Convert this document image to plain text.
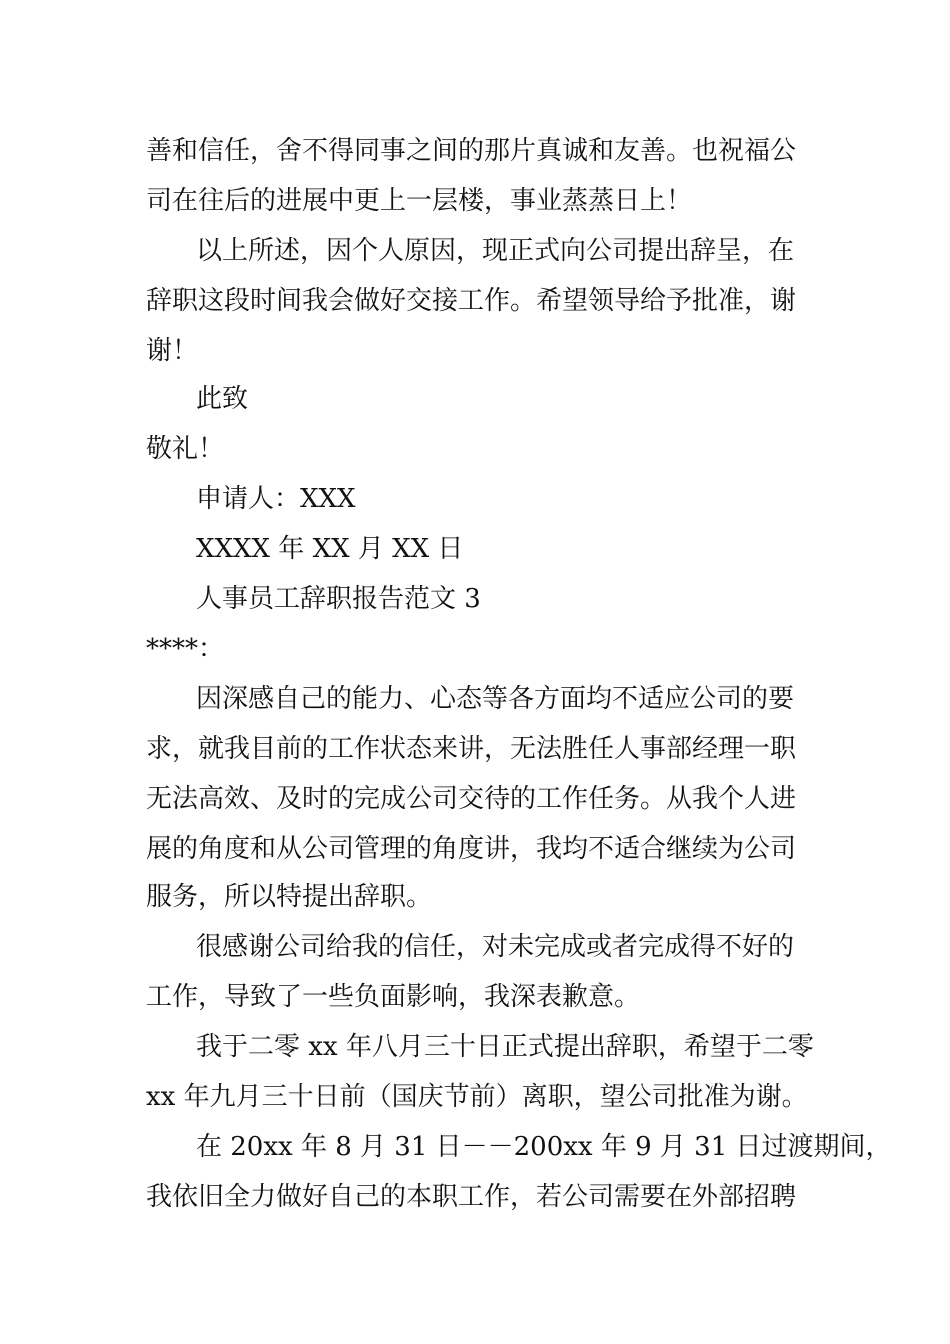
善和信任，舍不得同事之间的那片真诚和友善。也祝福公
司在往后的进展中更上一层楼，事业蒸蒸日上！
以上所述，因个人原因，现正式向公司提出辞呈，在
辞职这段时间我会做好交接工作。希望领导给予批准，谢
谢！
此致
敬礼！
申请人：XXX
XXXX 年 XX 月 XX 日
人事员工辞职报告范文 3
****：
因深感自己的能力、心态等各方面均不适应公司的要
求，就我目前的工作状态来讲，无法胜任人事部经理一职
无法高效、及时的完成公司交待的工作任务。从我个人进
展的角度和从公司管理的角度讲，我均不适合继续为公司
服务，所以特提出辞职。
很感谢公司给我的信任，对未完成或者完成得不好的
工作，导致了一些负面影响，我深表歉意。
我于二零 xx 年八月三十日正式提出辞职，希望于二零
xx 年九月三十日前（国庆节前）离职，望公司批准为谢。
在 20xx 年 8 月 31 日－－200xx 年 9 月 31 日过渡期间，
我依旧全力做好自己的本职工作，若公司需要在外部招聘
